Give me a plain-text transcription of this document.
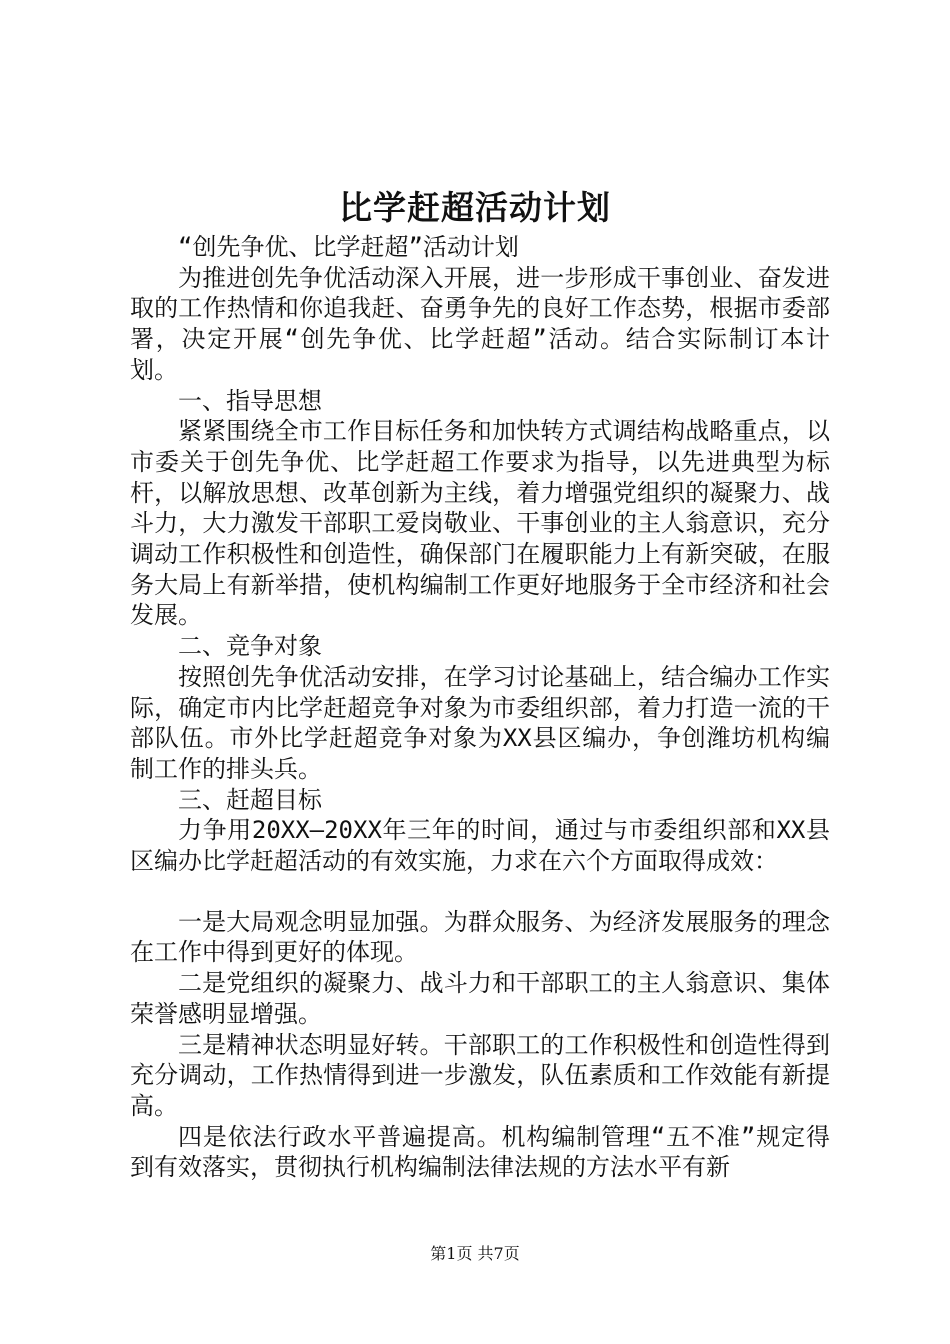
比学赶超活动计划

“创先争优、比学赶超”活动计划

为推进创先争优活动深入开展，进一步形成干事创业、奋发进取的工作热情和你追我赶、奋勇争先的良好工作态势，根据市委部署，决定开展“创先争优、比学赶超”活动。结合实际制订本计划。

一、指导思想

紧紧围绕全市工作目标任务和加快转方式调结构战略重点，以市委关于创先争优、比学赶超工作要求为指导，以先进典型为标杆，以解放思想、改革创新为主线，着力增强党组织的凝聚力、战斗力，大力激发干部职工爱岗敬业、干事创业的主人翁意识，充分调动工作积极性和创造性，确保部门在履职能力上有新突破，在服务大局上有新举措，使机构编制工作更好地服务于全市经济和社会发展。

二、竞争对象

按照创先争优活动安排，在学习讨论基础上，结合编办工作实际，确定市内比学赶超竞争对象为市委组织部，着力打造一流的干部队伍。市外比学赶超竞争对象为XX县区编办，争创潍坊机构编制工作的排头兵。

三、赶超目标

力争用20XX—20XX年三年的时间，通过与市委组织部和XX县区编办比学赶超活动的有效实施，力求在六个方面取得成效：

一是大局观念明显加强。为群众服务、为经济发展服务的理念在工作中得到更好的体现。

二是党组织的凝聚力、战斗力和干部职工的主人翁意识、集体荣誉感明显增强。

三是精神状态明显好转。干部职工的工作积极性和创造性得到充分调动，工作热情得到进一步激发，队伍素质和工作效能有新提高。

四是依法行政水平普遍提高。机构编制管理“五不准”规定得到有效落实，贯彻执行机构编制法律法规的方法水平有新

第1页 共7页
